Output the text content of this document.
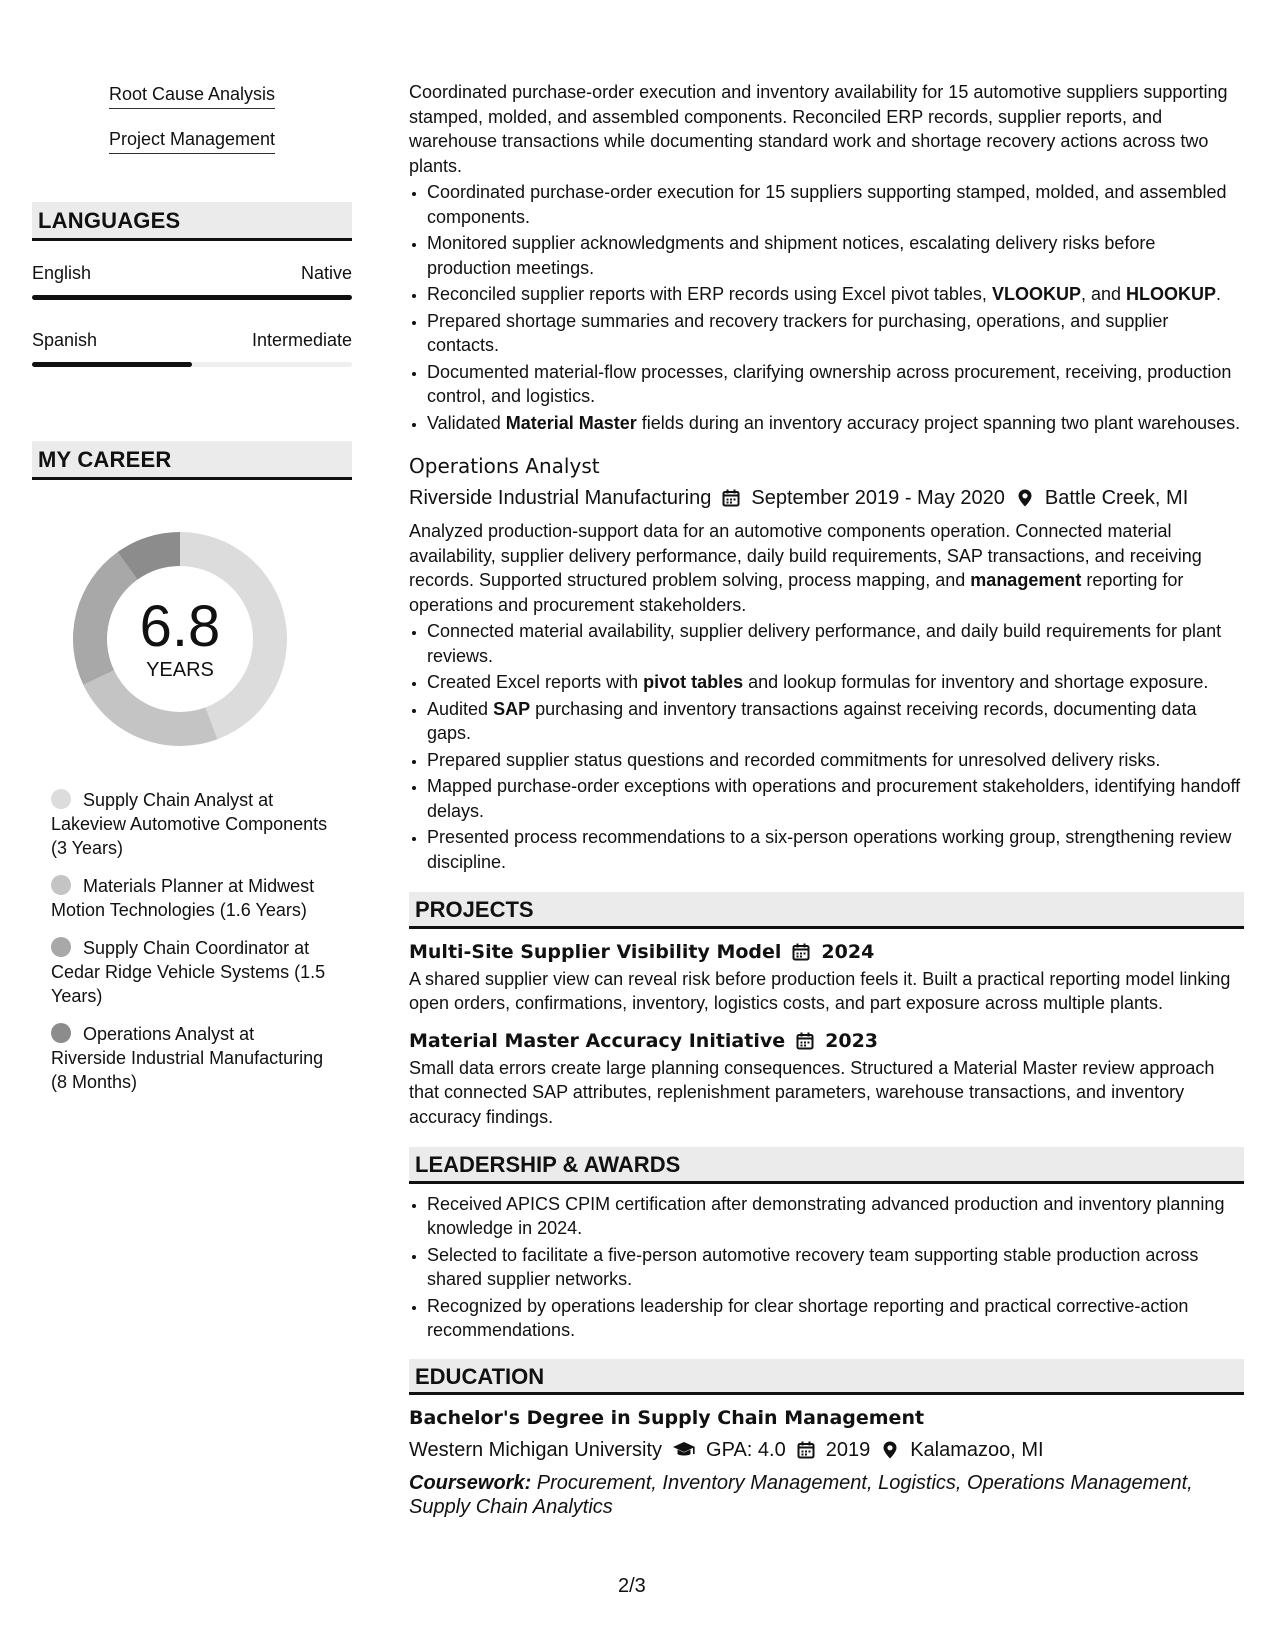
Root Cause Analysis
Project Management
LANGUAGES
English	Native
Spanish	Intermediate
MY CAREER
6.8
YEARS
Supply Chain Analyst at Lakeview Automotive Components (3 Years)
Materials Planner at Midwest Motion Technologies (1.6 Years)
Supply Chain Coordinator at Cedar Ridge Vehicle Systems (1.5 Years)
Operations Analyst at Riverside Industrial Manufacturing (8 Months)

Coordinated purchase-order execution and inventory availability for 15 automotive suppliers supporting stamped, molded, and assembled components. Reconciled ERP records, supplier reports, and warehouse transactions while documenting standard work and shortage recovery actions across two plants.

• Coordinated purchase-order execution for 15 suppliers supporting stamped, molded, and assembled components.
• Monitored supplier acknowledgments and shipment notices, escalating delivery risks before production meetings.
• Reconciled supplier reports with ERP records using Excel pivot tables, VLOOKUP, and HLOOKUP.
• Prepared shortage summaries and recovery trackers for purchasing, operations, and supplier contacts.
• Documented material-flow processes, clarifying ownership across procurement, receiving, production control, and logistics.
• Validated Material Master fields during an inventory accuracy project spanning two plant warehouses.
Operations Analyst
Riverside Industrial Manufacturing September 2019 - May 2020 Battle Creek, MI

Analyzed production-support data for an automotive components operation. Connected material availability, supplier delivery performance, daily build requirements, SAP transactions, and receiving records. Supported structured problem solving, process mapping, and management reporting for operations and procurement stakeholders.

• Connected material availability, supplier delivery performance, and daily build requirements for plant reviews.
• Created Excel reports with pivot tables and lookup formulas for inventory and shortage exposure.
• Audited SAP purchasing and inventory transactions against receiving records, documenting data gaps.
• Prepared supplier status questions and recorded commitments for unresolved delivery risks.
• Mapped purchase-order exceptions with operations and procurement stakeholders, identifying handoff delays.
• Presented process recommendations to a six-person operations working group, strengthening review discipline.
PROJECTS
Multi-Site Supplier Visibility Model 2024

A shared supplier view can reveal risk before production feels it. Built a practical reporting model linking open orders, confirmations, inventory, logistics costs, and part exposure across multiple plants.

Material Master Accuracy Initiative 2023

Small data errors create large planning consequences. Structured a Material Master review approach that connected SAP attributes, replenishment parameters, warehouse transactions, and inventory accuracy findings.

LEADERSHIP & AWARDS
• Received APICS CPIM certification after demonstrating advanced production and inventory planning knowledge in 2024.
• Selected to facilitate a five-person automotive recovery team supporting stable production across shared supplier networks.
• Recognized by operations leadership for clear shortage reporting and practical corrective-action recommendations.
EDUCATION
Bachelor's Degree in Supply Chain Management
Western Michigan University GPA: 4.0 2019 Kalamazoo, MI
Coursework: Procurement, Inventory Management, Logistics, Operations Management, Supply Chain Analytics
2/3
